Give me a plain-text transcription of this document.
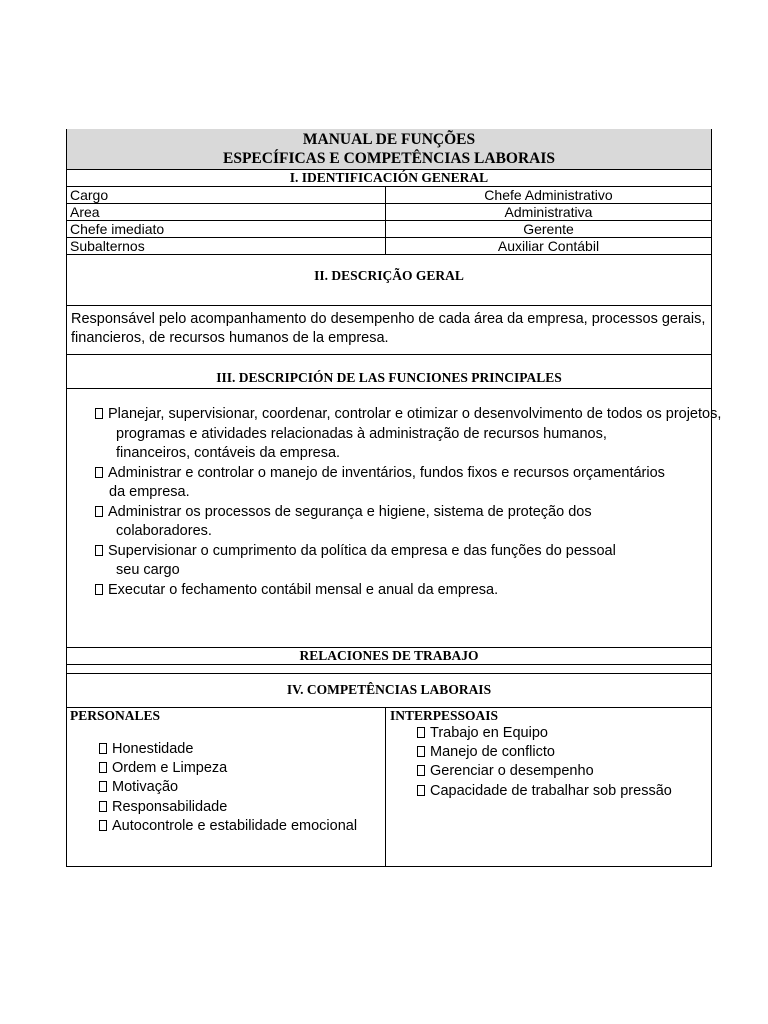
MANUAL DE FUNÇÕES
ESPECÍFICAS E COMPETÊNCIAS LABORAIS
I. IDENTIFICACIÓN GENERAL
Cargo	Chefe Administrativo
Area	Administrativa
Chefe imediato	Gerente
Subalternos	Auxiliar Contábil
II. DESCRIÇÃO GERAL
Responsável pelo acompanhamento do desempenho de cada área da empresa, processos gerais,
financieros, de recursos humanos de la empresa.
III. DESCRIPCIÓN DE LAS FUNCIONES PRINCIPALES
Planejar, supervisionar, coordenar, controlar e otimizar o desenvolvimento de todos os projetos,
programas e atividades relacionadas à administração de recursos humanos,
financeiros, contáveis da empresa.
Administrar e controlar o manejo de inventários, fundos fixos e recursos orçamentários
da empresa.
Administrar os processos de segurança e higiene, sistema de proteção dos
colaboradores.
Supervisionar o cumprimento da política da empresa e das funções do pessoal
seu cargo
Executar o fechamento contábil mensal e anual da empresa.
RELACIONES DE TRABAJO
IV. COMPETÊNCIAS LABORAIS
PERSONALES
Honestidade
Ordem e Limpeza
Motivação
Responsabilidade
Autocontrole e estabilidade emocional
INTERPESSOAIS
Trabajo en Equipo
Manejo de conflicto
Gerenciar o desempenho
Capacidade de trabalhar sob pressão
